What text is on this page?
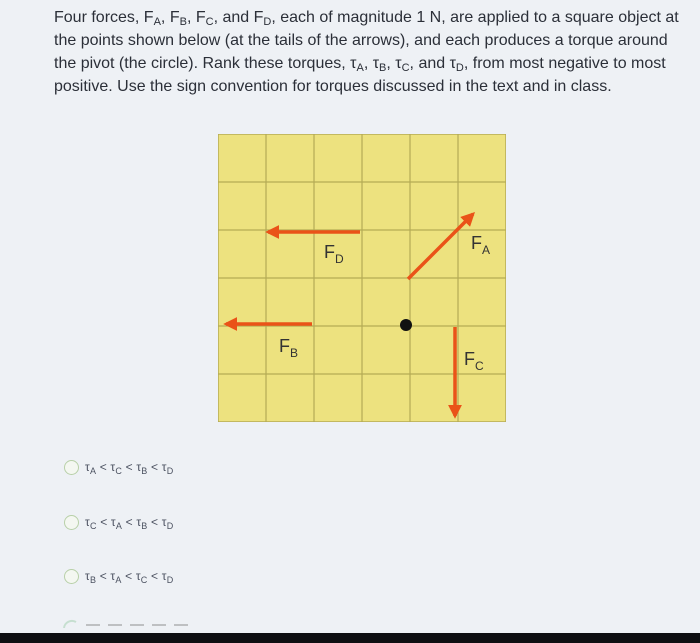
Four forces, $F_A$, $F_B$, $F_C$, and $F_D$, each of magnitude 1 N, are applied to a square object at the points shown below (at the tails of the arrows), and each produces a torque around the pivot (the circle). Rank these torques, $\tau_A$, $\tau_B$, $\tau_C$, and $\tau_D$, from most negative to most positive. Use the sign convention for torques discussed in the text and in class.
$F_A$
$F_B$	$F_C$
$F_D$
$\tau_A < \tau_C < \tau_B < \tau_D$
$\tau_C < \tau_A < \tau_B < \tau_D$
$\tau_B < \tau_A < \tau_C < \tau_D$
